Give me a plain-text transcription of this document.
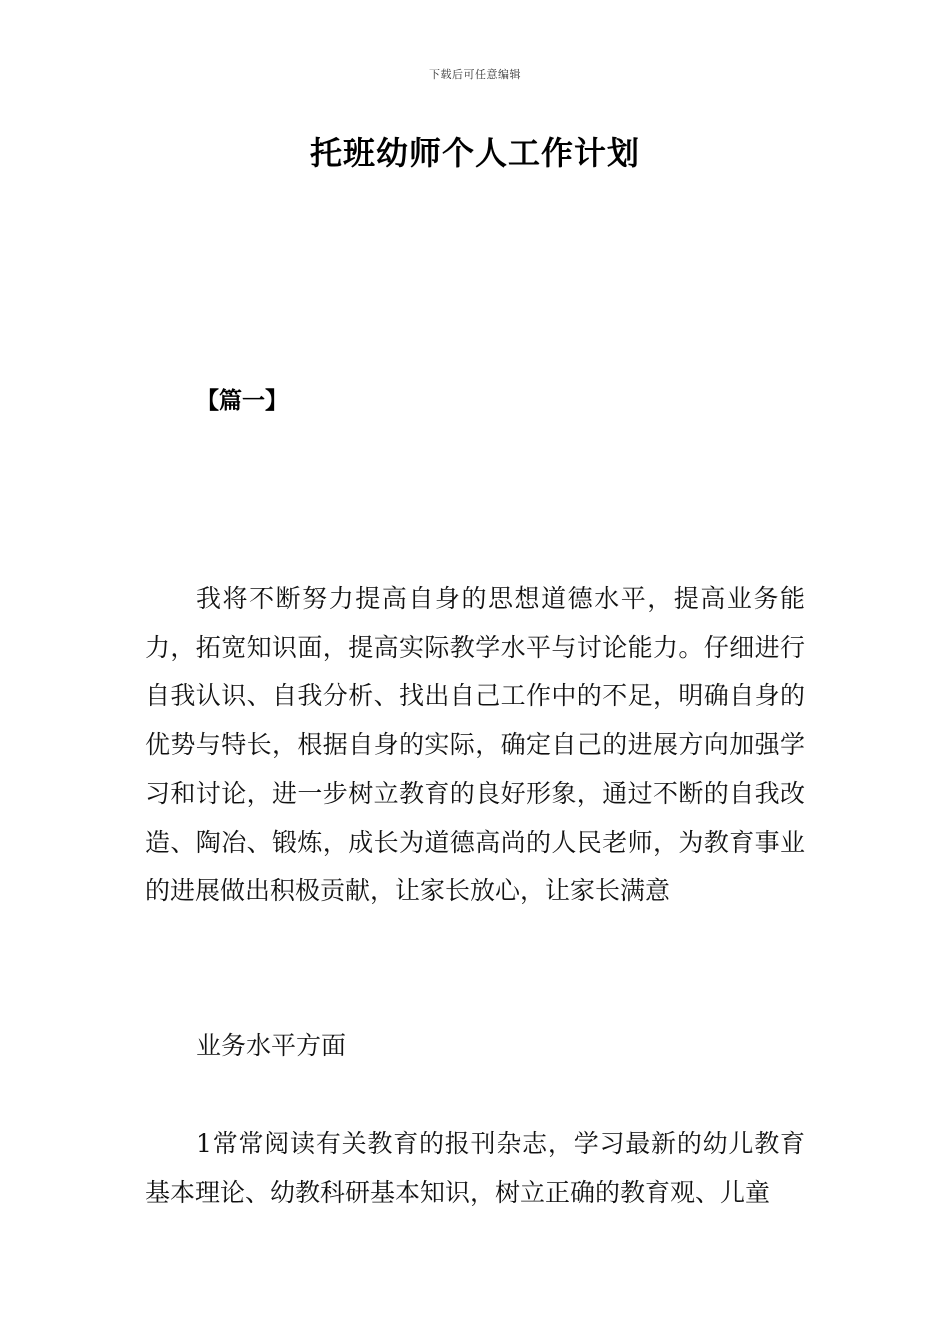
下载后可任意编辑
托班幼师个人工作计划
【篇一】

我将不断努力提高自身的思想道德水平，提高业务能力，拓宽知识面，提高实际教学水平与讨论能力。仔细进行自我认识、自我分析、找出自己工作中的不足，明确自身的优势与特长，根据自身的实际，确定自己的进展方向加强学习和讨论，进一步树立教育的良好形象，通过不断的自我改造、陶冶、锻炼，成长为道德高尚的人民老师，为教育事业的进展做出积极贡献，让家长放心，让家长满意

业务水平方面

1常常阅读有关教育的报刊杂志，学习最新的幼儿教育基本理论、幼教科研基本知识，树立正确的教育观、儿童
